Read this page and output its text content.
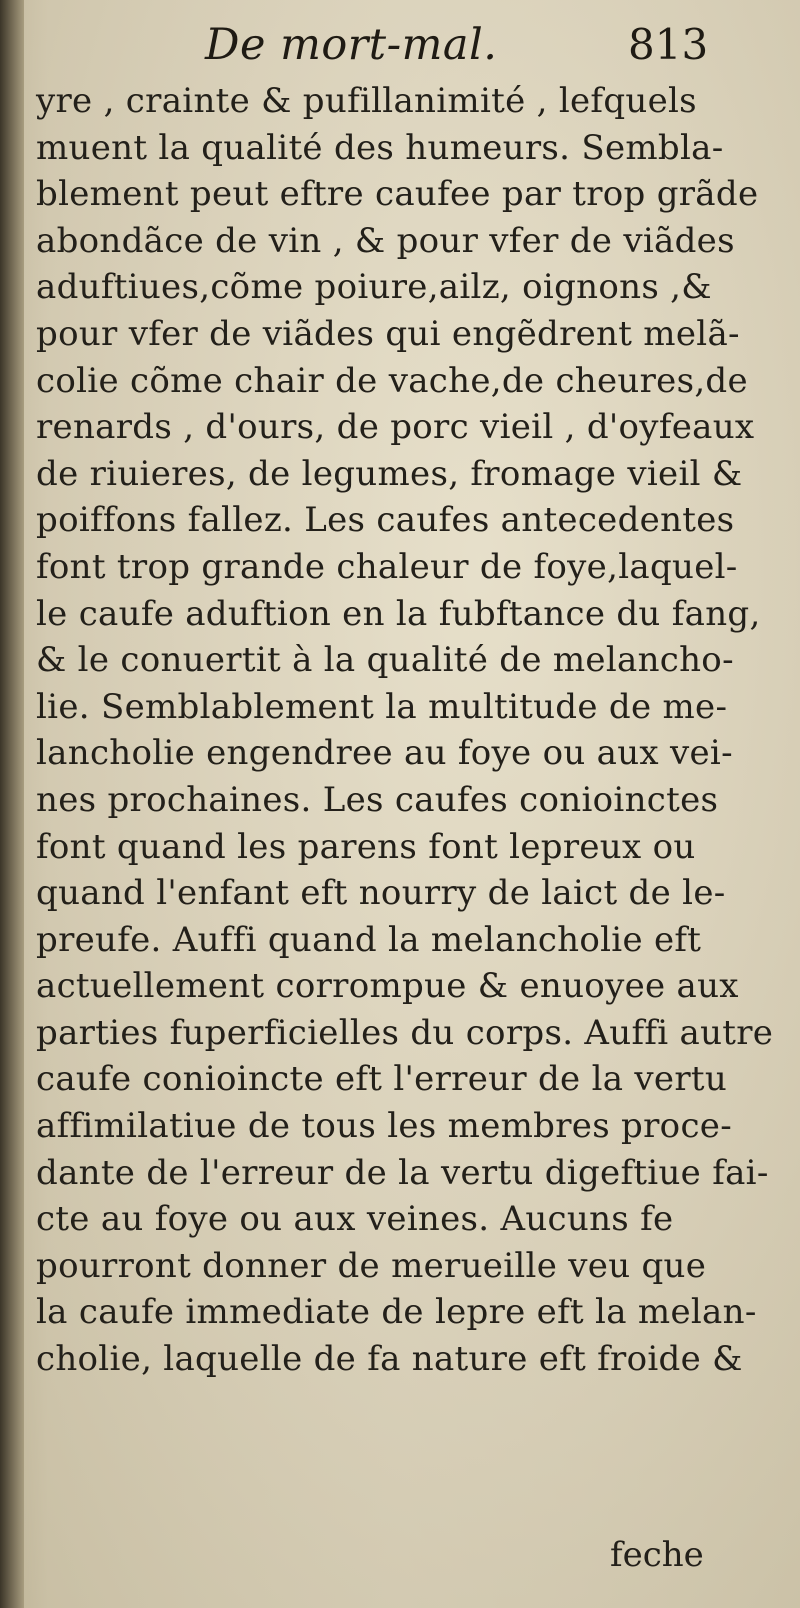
De mort-mal.	813
yre , crainte & pufillanimité , lefquels
muent la qualité des humeurs. Sembla-
blement peut eftre caufee par trop grãde
abondãce de vin , & pour vfer de viãdes
aduftiues,cõme poiure,ailz, oignons ,&
pour vfer de viãdes qui engẽdrent melã-
colie cõme chair de vache,de cheures,de
renards , d'ours, de porc vieil , d'oyfeaux
de riuieres, de legumes, fromage vieil &
poiffons fallez. Les caufes antecedentes
font trop grande chaleur de foye,laquel-
le caufe aduftion en la fubftance du fang,
& le conuertit à la qualité de melancho-
lie. Semblablement la multitude de me-
lancholie engendree au foye ou aux vei-
nes prochaines. Les caufes conioinctes
font quand les parens font lepreux ou
quand l'enfant eft nourry de laict de le-
preufe. Auffi quand la melancholie eft
actuellement corrompue & enuoyee aux
parties fuperficielles du corps. Auffi autre
caufe conioincte eft l'erreur de la vertu
affimilatiue de tous les membres proce-
dante de l'erreur de la vertu digeftiue fai-
cte au foye ou aux veines. Aucuns fe
pourront donner de merueille veu que
la caufe immediate de lepre eft la melan-
cholie, laquelle de fa nature eft froide &
feche
